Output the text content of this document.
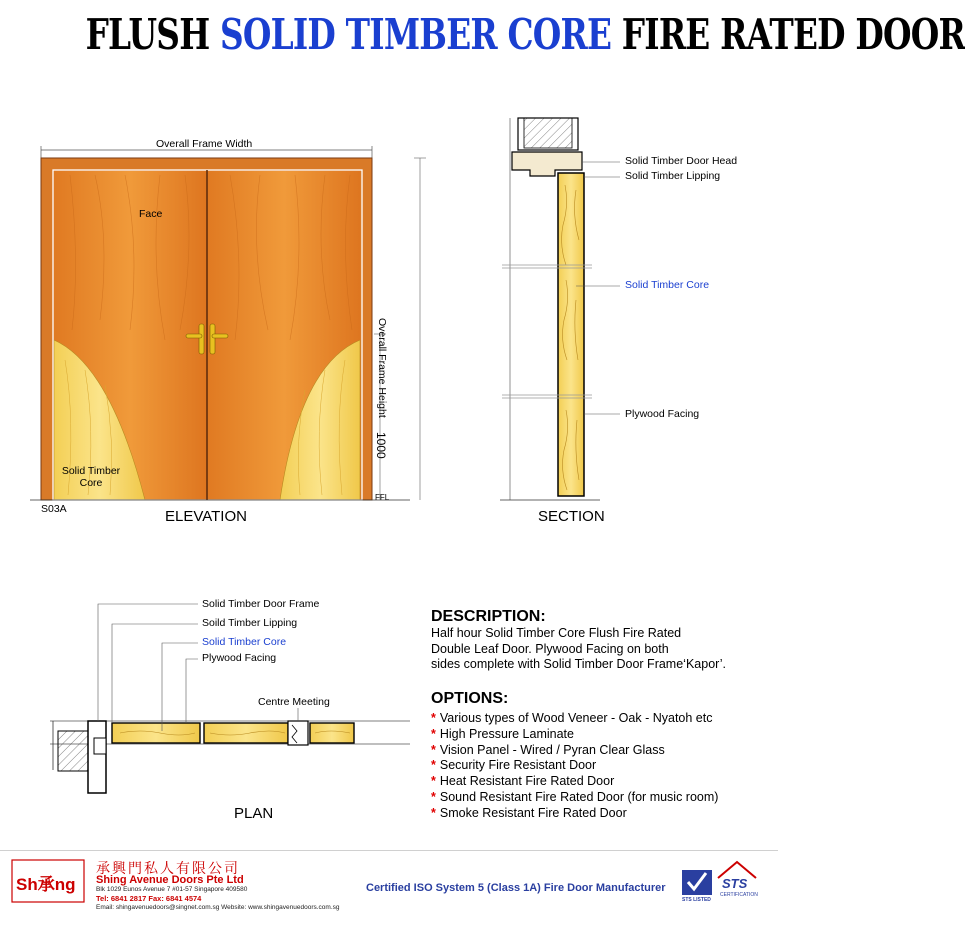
FLUSH SOLID TIMBER CORE FIRE RATED DOOR
Overall Frame Width
Face
Solid Timber
Core
Overall Frame Height
1000
FFL
S03A	ELEVATION
Solid Timber Door Head
Solid Timber Lipping
Solid Timber Core
Plywood Facing
SECTION
Solid Timber Door Frame
Soild Timber Lipping
Solid Timber Core
Plywood Facing
Centre Meeting
PLAN
DESCRIPTION:
Half hour Solid Timber Core Flush Fire Rated
Double Leaf Door. Plywood Facing on both
sides complete with Solid Timber Door Frame‘Kapor’.
OPTIONS:
* Various types of Wood Veneer - Oak - Nyatoh etc
* High Pressure Laminate
* Vision Panel - Wired / Pyran Clear Glass
* Security Fire Resistant Door
* Heat Resistant Fire Rated Door
* Sound Resistant Fire Rated Door (for music room)
* Smoke Resistant Fire Rated Door
Sh承ng
承興門私人有限公司
Shing Avenue Doors Pte Ltd
Blk 1029 Eunos Avenue 7 #01-57 Singapore 409580
Tel: 6841 2817 Fax: 6841 4574
Email: shingavenuedoors@singnet.com.sg Website: www.shingavenuedoors.com.sg
Certified ISO System 5 (Class 1A) Fire Door Manufacturer
STS LISTED
STS
CERTIFICATION
